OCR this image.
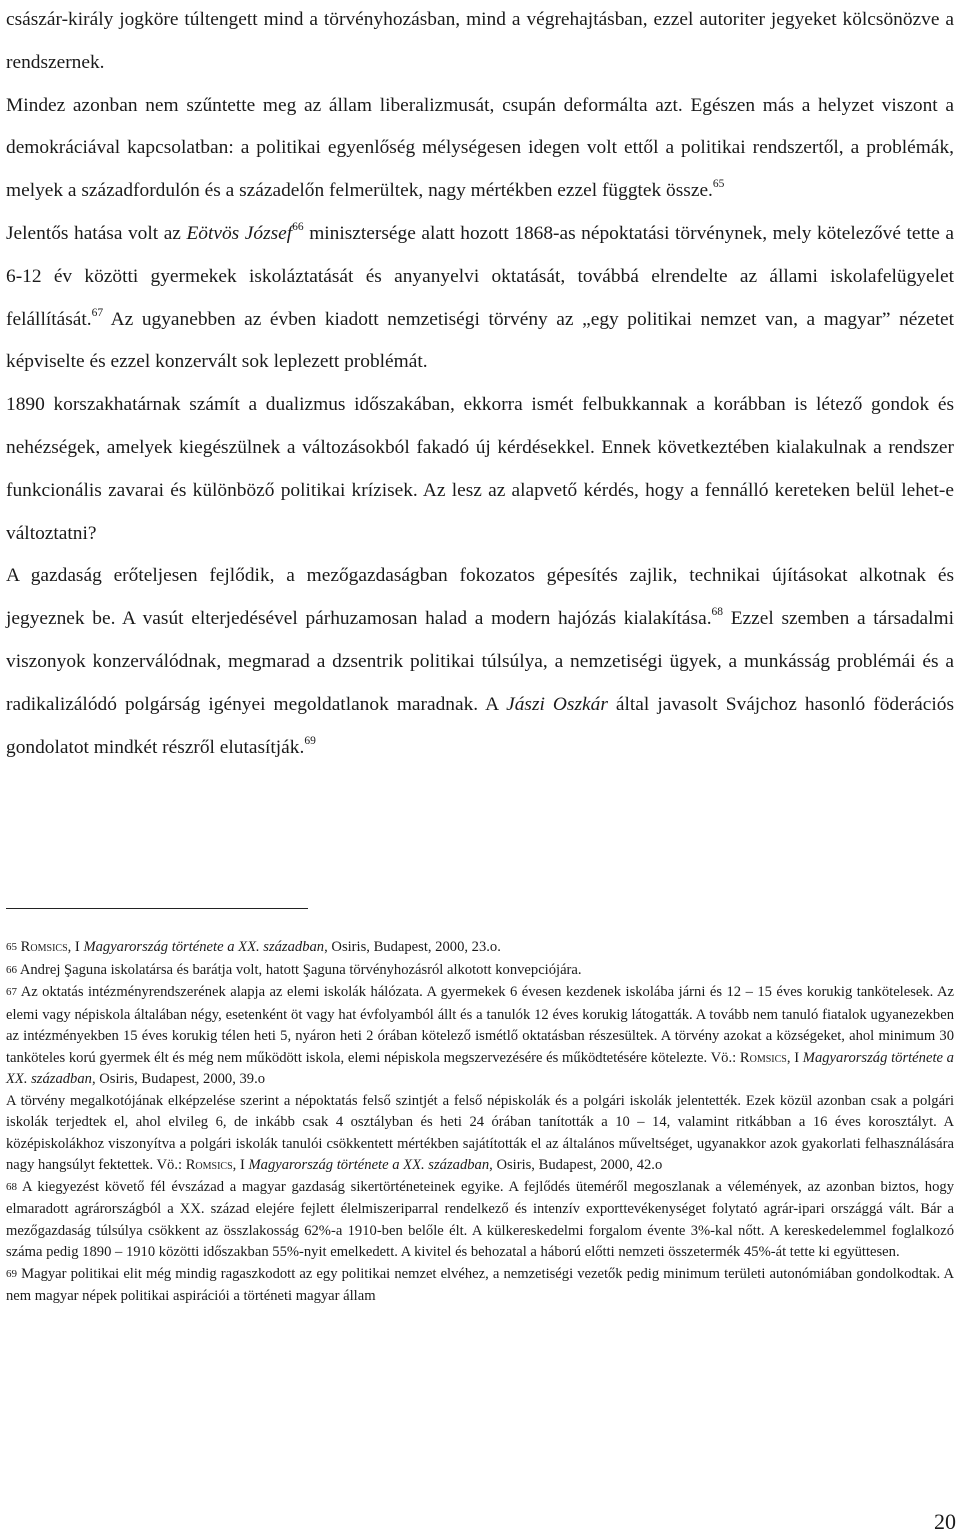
császár-király jogköre túltengett mind a törvényhozásban, mind a végrehajtásban, ezzel autoriter jegyeket kölcsönözve a rendszernek.

Mindez azonban nem szűntette meg az állam liberalizmusát, csupán deformálta azt. Egészen más a helyzet viszont a demokráciával kapcsolatban: a politikai egyenlőség mélységesen idegen volt ettől a politikai rendszertől, a problémák, melyek a századfordulón és a századelőn felmerültek, nagy mértékben ezzel függtek össze.$^{65}$

Jelentős hatása volt az Eötvös József$^{66}$ minisztersége alatt hozott 1868-as népoktatási törvénynek, mely kötelezővé tette a 6-12 év közötti gyermekek iskoláztatását és anyanyelvi oktatását, továbbá elrendelte az állami iskolafelügyelet felállítását.$^{67}$ Az ugyanebben az évben kiadott nemzetiségi törvény az „egy politikai nemzet van, a magyar” nézetet képviselte és ezzel konzervált sok leplezett problémát.

1890 korszakhatárnak számít a dualizmus időszakában, ekkorra ismét felbukkannak a korábban is létező gondok és nehézségek, amelyek kiegészülnek a változásokból fakadó új kérdésekkel. Ennek következtében kialakulnak a rendszer funkcionális zavarai és különböző politikai krízisek. Az lesz az alapvető kérdés, hogy a fennálló kereteken belül lehet-e változtatni?

A gazdaság erőteljesen fejlődik, a mezőgazdaságban fokozatos gépesítés zajlik, technikai újításokat alkotnak és jegyeznek be. A vasút elterjedésével párhuzamosan halad a modern hajózás kialakítása.$^{68}$ Ezzel szemben a társadalmi viszonyok konzerválódnak, megmarad a dzsentrik politikai túlsúlya, a nemzetiségi ügyek, a munkásság problémái és a radikalizálódó polgárság igényei megoldatlanok maradnak. A Jászi Oszkár által javasolt Svájchoz hasonló föderációs gondolatot mindkét részről elutasítják.$^{69}$

65 Romsics, I Magyarország története a XX. században, Osiris, Budapest, 2000, 23.o.

66 Andrej Şaguna iskolatársa és barátja volt, hatott Şaguna törvényhozásról alkotott konvepciójára.

67 Az oktatás intézményrendszerének alapja az elemi iskolák hálózata. A gyermekek 6 évesen kezdenek iskolába járni és 12 – 15 éves korukig tankötelesek. Az elemi vagy népiskola általában négy, esetenként öt vagy hat évfolyamból állt és a tanulók 12 éves korukig látogatták. A tovább nem tanuló fiatalok ugyanezekben az intézményekben 15 éves korukig télen heti 5, nyáron heti 2 órában kötelező ismétlő oktatásban részesültek. A törvény azokat a községeket, ahol minimum 30 tanköteles korú gyermek élt és még nem működött iskola, elemi népiskola megszervezésére és működtetésére kötelezte. Vö.: Romsics, I Magyarország története a XX. században, Osiris, Budapest, 2000, 39.o

A törvény megalkotójának elképzelése szerint a népoktatás felső szintjét a felső népiskolák és a polgári iskolák jelentették. Ezek közül azonban csak a polgári iskolák terjedtek el, ahol elvileg 6, de inkább csak 4 osztályban és heti 24 órában tanították a 10 – 14, valamint ritkábban a 16 éves korosztályt. A középiskolákhoz viszonyítva a polgári iskolák tanulói csökkentett mértékben sajátították el az általános műveltséget, ugyanakkor azok gyakorlati felhasználására nagy hangsúlyt fektettek. Vö.: Romsics, I Magyarország története a XX. században, Osiris, Budapest, 2000, 42.o

68 A kiegyezést követő fél évszázad a magyar gazdaság sikertörténeteinek egyike. A fejlődés üteméről megoszlanak a vélemények, az azonban biztos, hogy elmaradott agrárországból a XX. század elejére fejlett élelmiszeriparral rendelkező és intenzív exporttevékenységet folytató agrár-ipari országgá vált. Bár a mezőgazdaság túlsúlya csökkent az összlakosság 62%-a 1910-ben belőle élt. A külkereskedelmi forgalom évente 3%-kal nőtt. A kereskedelemmel foglalkozó száma pedig 1890 – 1910 közötti időszakban 55%-nyit emelkedett. A kivitel és behozatal a háború előtti nemzeti összetermék 45%-át tette ki együttesen.

69 Magyar politikai elit még mindig ragaszkodott az egy politikai nemzet elvéhez, a nemzetiségi vezetők pedig minimum területi autonómiában gondolkodtak. A nem magyar népek politikai aspirációi a történeti magyar állam

20
